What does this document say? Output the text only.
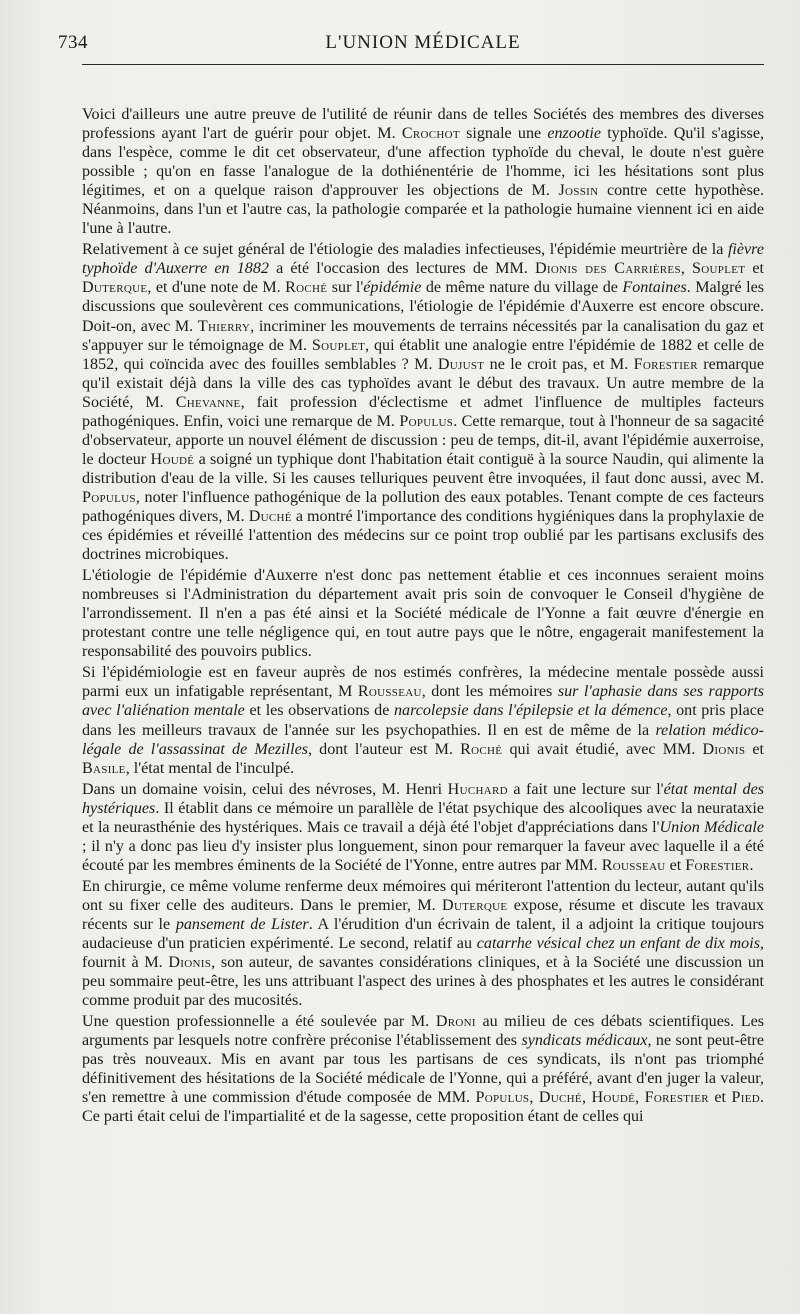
734	L'UNION MÉDICALE

Voici d'ailleurs une autre preuve de l'utilité de réunir dans de telles Sociétés des membres des diverses professions ayant l'art de guérir pour objet. M. Crochot signale une enzootie typhoïde. Qu'il s'agisse, dans l'espèce, comme le dit cet observateur, d'une affection typhoïde du cheval, le doute n'est guère possible ; qu'on en fasse l'analogue de la dothiénentérie de l'homme, ici les hésitations sont plus légitimes, et on a quelque raison d'approuver les objections de M. Jossin contre cette hypothèse. Néanmoins, dans l'un et l'autre cas, la pathologie comparée et la pathologie humaine viennent ici en aide l'une à l'autre.

Relativement à ce sujet général de l'étiologie des maladies infectieuses, l'épidémie meurtrière de la fièvre typhoïde d'Auxerre en 1882 a été l'occasion des lectures de MM. Dionis des Carrières, Souplet et Duterque, et d'une note de M. Roché sur l'épidémie de même nature du village de Fontaines. Malgré les discussions que soulevèrent ces communications, l'étiologie de l'épidémie d'Auxerre est encore obscure. Doit-on, avec M. Thierry, incriminer les mouvements de terrains nécessités par la canalisation du gaz et s'appuyer sur le témoignage de M. Souplet, qui établit une analogie entre l'épidémie de 1882 et celle de 1852, qui coïncida avec des fouilles semblables ? M. Dujust ne le croit pas, et M. Forestier remarque qu'il existait déjà dans la ville des cas typhoïdes avant le début des travaux. Un autre membre de la Société, M. Chevanne, fait profession d'éclectisme et admet l'influence de multiples facteurs pathogéniques. Enfin, voici une remarque de M. Populus. Cette remarque, tout à l'honneur de sa sagacité d'observateur, apporte un nouvel élément de discussion : peu de temps, dit-il, avant l'épidémie auxerroise, le docteur Houdé a soigné un typhique dont l'habitation était contiguë à la source Naudin, qui alimente la distribution d'eau de la ville. Si les causes telluriques peuvent être invoquées, il faut donc aussi, avec M. Populus, noter l'influence pathogénique de la pollution des eaux potables. Tenant compte de ces facteurs pathogéniques divers, M. Duché a montré l'importance des conditions hygiéniques dans la prophylaxie de ces épidémies et réveillé l'attention des médecins sur ce point trop oublié par les partisans exclusifs des doctrines microbiques.

L'étiologie de l'épidémie d'Auxerre n'est donc pas nettement établie et ces inconnues seraient moins nombreuses si l'Administration du département avait pris soin de convoquer le Conseil d'hygiène de l'arrondissement. Il n'en a pas été ainsi et la Société médicale de l'Yonne a fait œuvre d'énergie en protestant contre une telle négligence qui, en tout autre pays que le nôtre, engagerait manifestement la responsabilité des pouvoirs publics.

Si l'épidémiologie est en faveur auprès de nos estimés confrères, la médecine mentale possède aussi parmi eux un infatigable représentant, M Rousseau, dont les mémoires sur l'aphasie dans ses rapports avec l'aliénation mentale et les observations de narcolepsie dans l'épilepsie et la démence, ont pris place dans les meilleurs travaux de l'année sur les psychopathies. Il en est de même de la relation médico-légale de l'assassinat de Mezilles, dont l'auteur est M. Roché qui avait étudié, avec MM. Dionis et Basile, l'état mental de l'inculpé.

Dans un domaine voisin, celui des névroses, M. Henri Huchard a fait une lecture sur l'état mental des hystériques. Il établit dans ce mémoire un parallèle de l'état psychique des alcooliques avec la neurataxie et la neurasthénie des hystériques. Mais ce travail a déjà été l'objet d'appréciations dans l'Union Médicale ; il n'y a donc pas lieu d'y insister plus longuement, sinon pour remarquer la faveur avec laquelle il a été écouté par les membres éminents de la Société de l'Yonne, entre autres par MM. Rousseau et Forestier.

En chirurgie, ce même volume renferme deux mémoires qui mériteront l'attention du lecteur, autant qu'ils ont su fixer celle des auditeurs. Dans le premier, M. Duterque expose, résume et discute les travaux récents sur le pansement de Lister. A l'érudition d'un écrivain de talent, il a adjoint la critique toujours audacieuse d'un praticien expérimenté. Le second, relatif au catarrhe vésical chez un enfant de dix mois, fournit à M. Dionis, son auteur, de savantes considérations cliniques, et à la Société une discussion un peu sommaire peut-être, les uns attribuant l'aspect des urines à des phosphates et les autres le considérant comme produit par des mucosités.

Une question professionnelle a été soulevée par M. Droni au milieu de ces débats scientifiques. Les arguments par lesquels notre confrère préconise l'établissement des syndicats médicaux, ne sont peut-être pas très nouveaux. Mis en avant par tous les partisans de ces syndicats, ils n'ont pas triomphé définitivement des hésitations de la Société médicale de l'Yonne, qui a préféré, avant d'en juger la valeur, s'en remettre à une commission d'étude composée de MM. Populus, Duché, Houdé, Forestier et Pied. Ce parti était celui de l'impartialité et de la sagesse, cette proposition étant de celles qui
